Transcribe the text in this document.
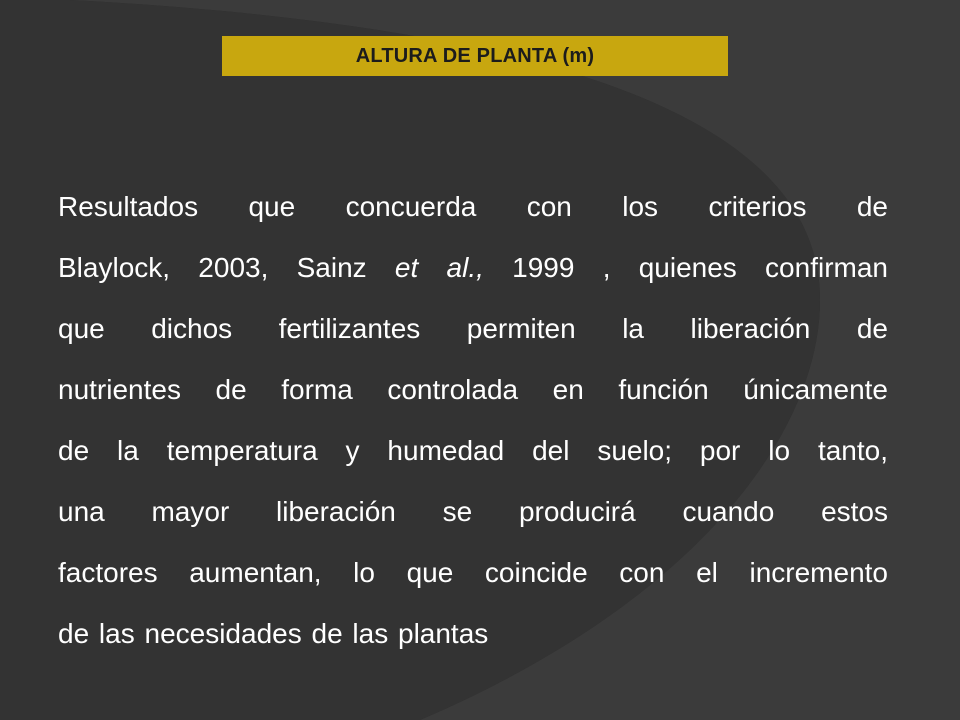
ALTURA DE PLANTA (m)
Resultados que concuerda con los criterios de
Blaylock, 2003, Sainz et al., 1999 , quienes confirman
que dichos fertilizantes permiten la liberación de
nutrientes de forma controlada en función únicamente
de la temperatura y humedad del suelo; por lo tanto,
una mayor liberación se producirá cuando estos
factores aumentan, lo que coincide con el incremento
de las necesidades de las plantas
